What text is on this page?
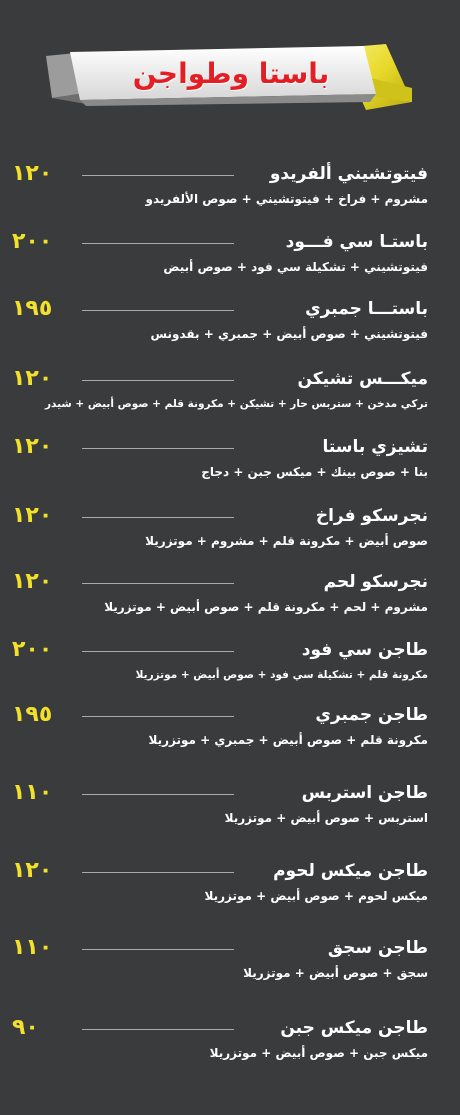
باستا وطواجن
١٢٠	فيتوتشيني ألفريدو
مشروم + فراخ + فيتوتشيني + صوص الألفريدو
٢٠٠	باستـا سي فـــود
فيتوتشيني + تشكيلة سي فود + صوص أبيض
١٩٥	باستـــا جمبري
فيتوتشيني + صوص أبيض + جمبري + بقدونس
١٢٠	ميكـــس تشيكن
تركي مدخن + ستربس حار + تشيكن + مكرونة قلم + صوص أبيض + شيدر
١٢٠	تشيزي باستا
بنا + صوص بينك + ميكس جبن + دجاج
١٢٠	نجرسكو فراخ
صوص أبيض + مكرونة قلم + مشروم + موتزريلا
١٢٠	نجرسكو لحم
مشروم + لحم + مكرونة قلم + صوص أبيض + موتزريلا
٢٠٠	طاجن سي فود
مكرونة قلم + تشكيلة سي فود + صوص أبيض + موتزريلا
١٩٥	طاجن جمبري
مكرونة قلم + صوص أبيض + جمبري + موتزريلا
١١٠	طاجن استربس
استربس + صوص أبيض + موتزريلا
١٢٠	طاجن ميكس لحوم
ميكس لحوم + صوص أبيض + موتزريلا
١١٠	طاجن سجق
سجق + صوص أبيض + موتزريلا
٩٠	طاجن ميكس جبن
ميكس جبن + صوص أبيض + موتزريلا
